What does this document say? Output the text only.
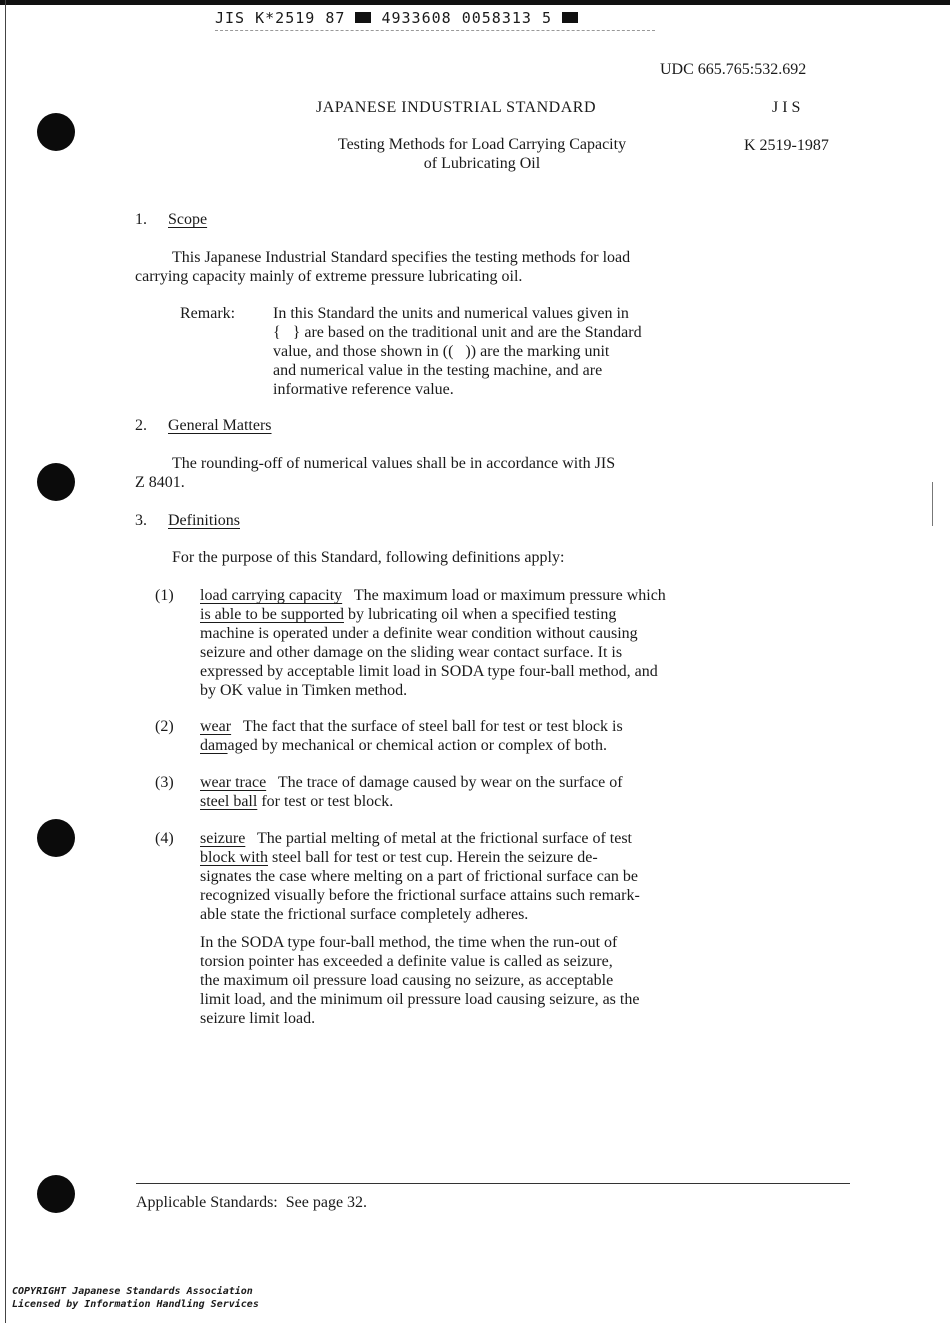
JIS K*2519 87 4933608 0058313 5
UDC 665.765:532.692
JAPANESE INDUSTRIAL STANDARD	J I S
Testing Methods for Load Carrying Capacity
of Lubricating Oil
K 2519-1987
1. Scope
This Japanese Industrial Standard specifies the testing methods for load
carrying capacity mainly of extreme pressure lubricating oil.
Remark: In this Standard the units and numerical values given in
{   } are based on the traditional unit and are the Standard
value, and those shown in ((   )) are the marking unit
and numerical value in the testing machine, and are
informative reference value.
2. General Matters
The rounding-off of numerical values shall be in accordance with JIS
Z 8401.
3. Definitions
For the purpose of this Standard, following definitions apply:
(1) load carrying capacity The maximum load or maximum pressure which
is able to be supported by lubricating oil when a specified testing
machine is operated under a definite wear condition without causing
seizure and other damage on the sliding wear contact surface. It is
expressed by acceptable limit load in SODA type four-ball method, and
by OK value in Timken method.
(2) wear The fact that the surface of steel ball for test or test block is
damaged by mechanical or chemical action or complex of both.
(3) wear trace The trace of damage caused by wear on the surface of
steel ball for test or test block.
(4) seizure The partial melting of metal at the frictional surface of test
block with steel ball for test or test cup. Herein the seizure de-
signates the case where melting on a part of frictional surface can be
recognized visually before the frictional surface attains such remark-
able state the frictional surface completely adheres.
In the SODA type four-ball method, the time when the run-out of
torsion pointer has exceeded a definite value is called as seizure,
the maximum oil pressure load causing no seizure, as acceptable
limit load, and the minimum oil pressure load causing seizure, as the
seizure limit load.
Applicable Standards:  See page 32.
COPYRIGHT Japanese Standards Association
Licensed by Information Handling Services
